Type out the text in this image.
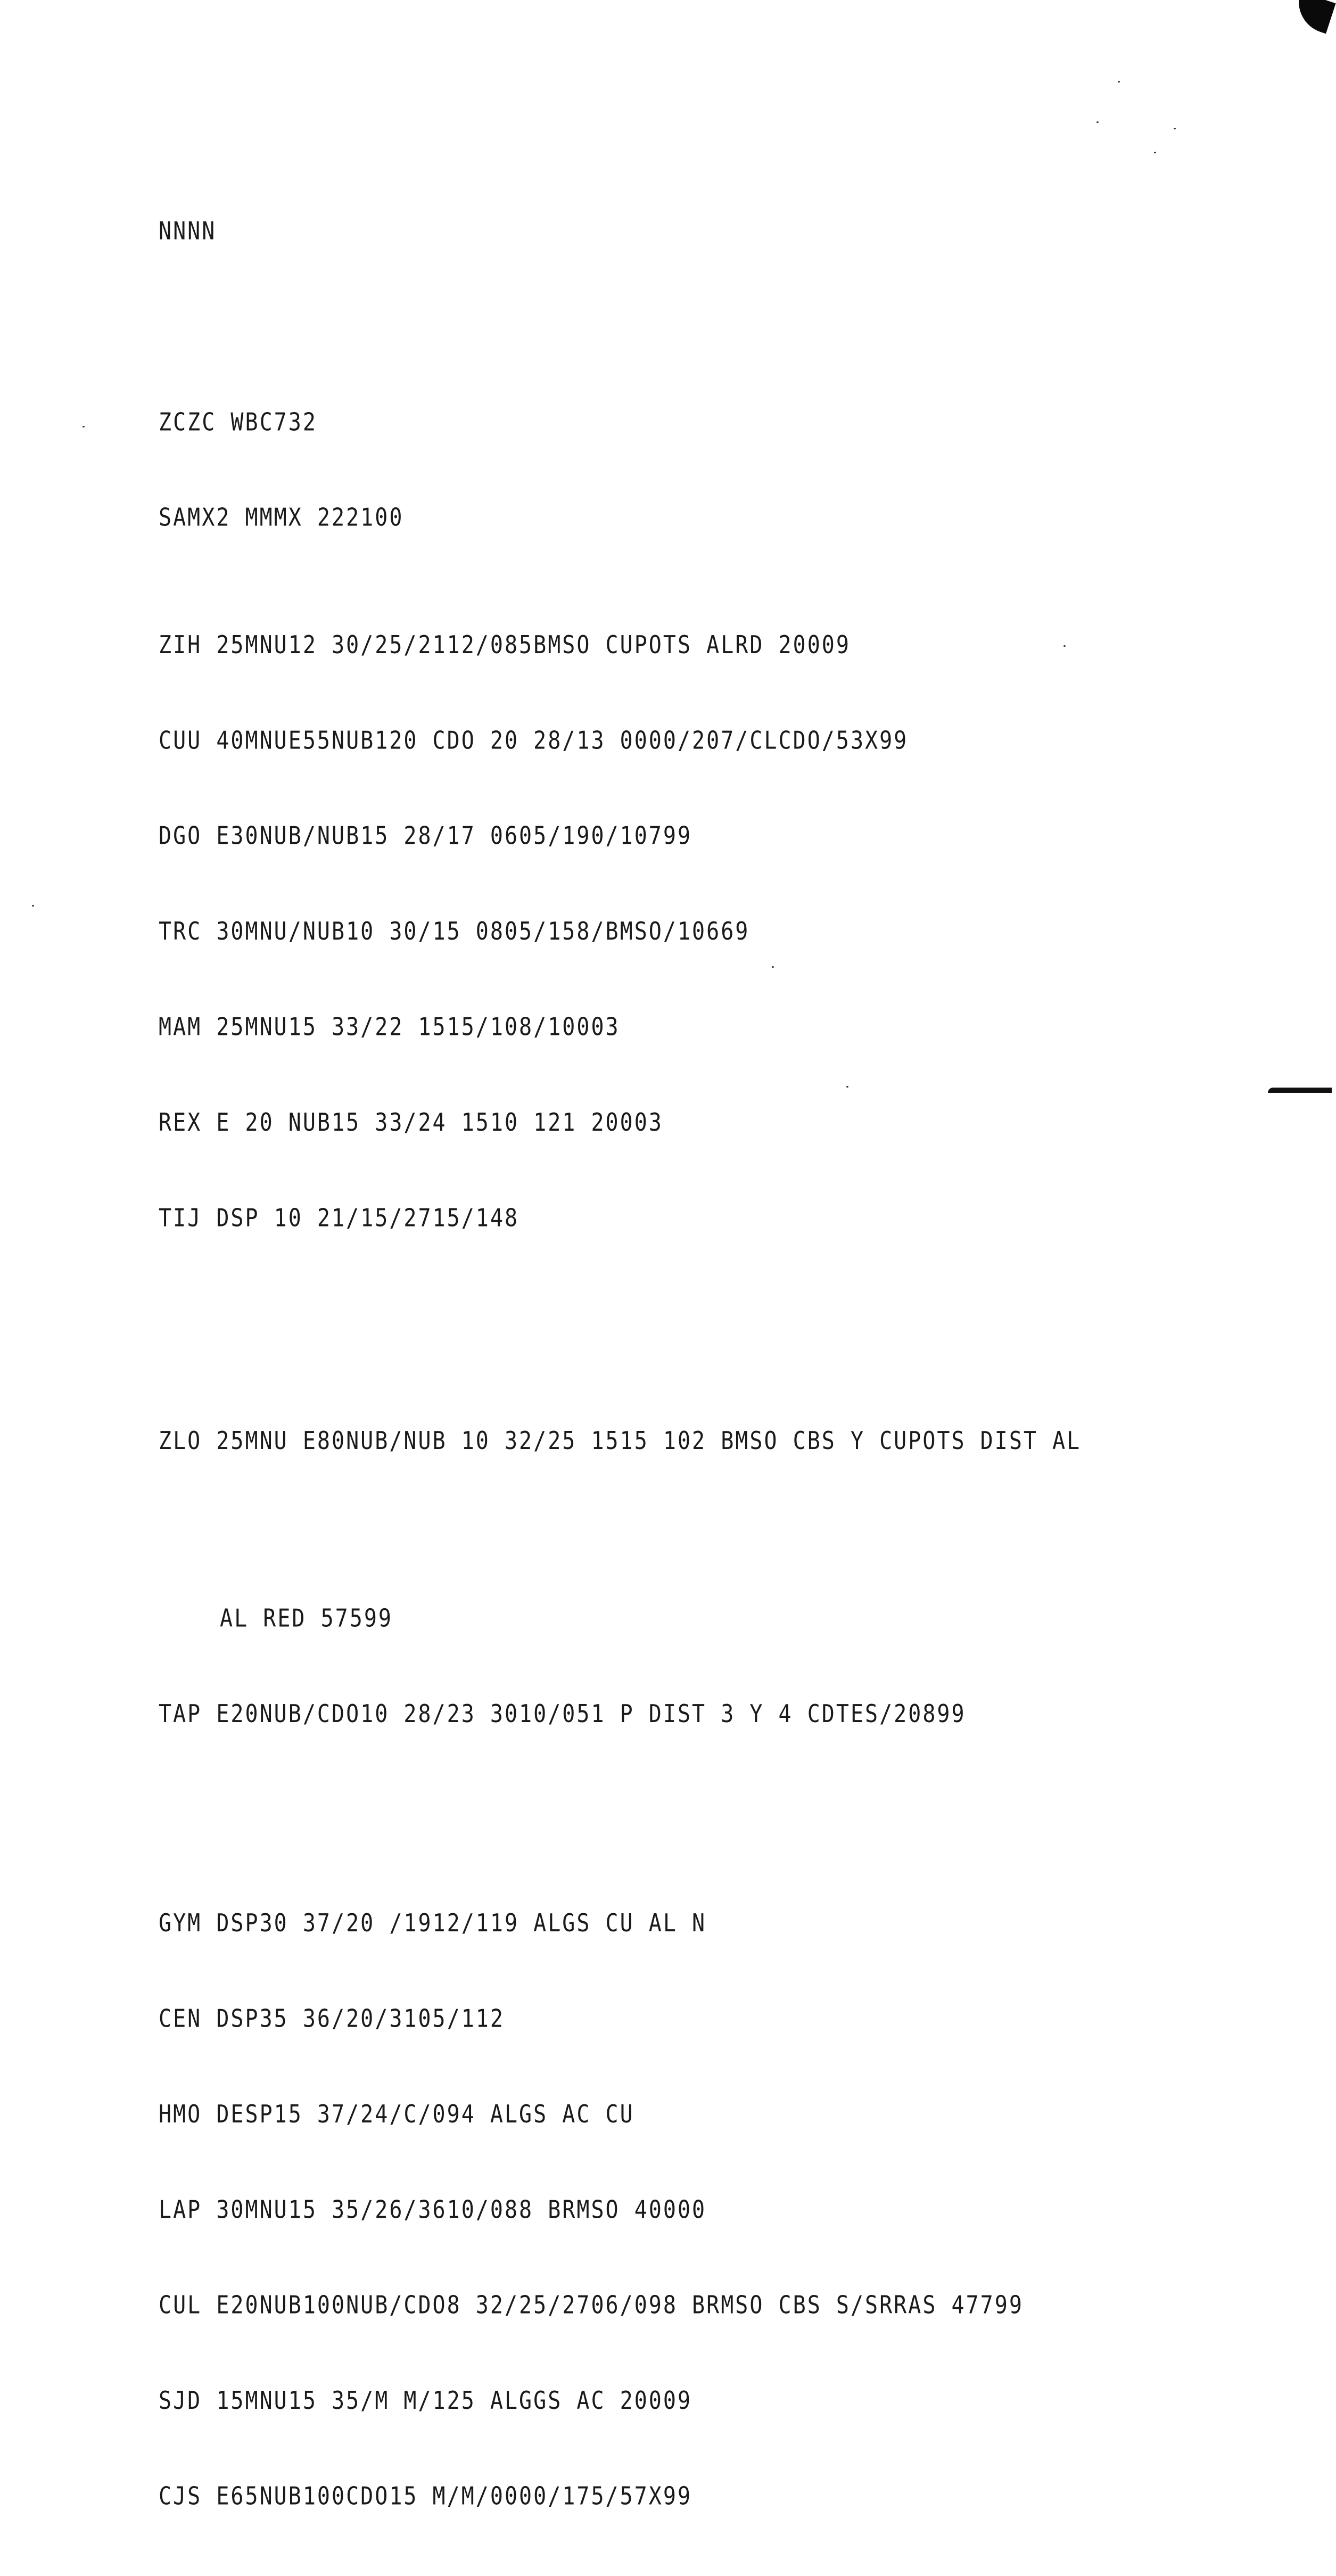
NNNN

ZCZC WBC732

SAMX2 MMMX 222100

ZIH 25MNU12 30/25/2112/085BMSO CUPOTS ALRD 20009

CUU 40MNUE55NUB120 CDO 20 28/13 0000/207/CLCDO/53X99

DGO E30NUB/NUB15 28/17 0605/190/10799

TRC 30MNU/NUB10 30/15 0805/158/BMSO/10669

MAM 25MNU15 33/22 1515/108/10003

REX E 20 NUB15 33/24 1510 121 20003

TIJ DSP 10 21/15/2715/148

ZLO 25MNU E80NUB/NUB 10 32/25 1515 102 BMSO CBS Y CUPOTS DIST AL

AL RED 57599

TAP E20NUB/CDO10 28/23 3010/051 P DIST 3 Y 4 CDTES/20899

GYM DSP30 37/20 /1912/119 ALGS CU AL N

CEN DSP35 36/20/3105/112

HMO DESP15 37/24/C/094 ALGS AC CU

LAP 30MNU15 35/26/3610/088 BRMSO 40000

CUL E20NUB100NUB/CDO8 32/25/2706/098 BRMSO CBS S/SRRAS 47799

SJD 15MNU15 35/M M/125 ALGGS AC 20009

CJS E65NUB100CDO15 M/M/0000/175/57X99
